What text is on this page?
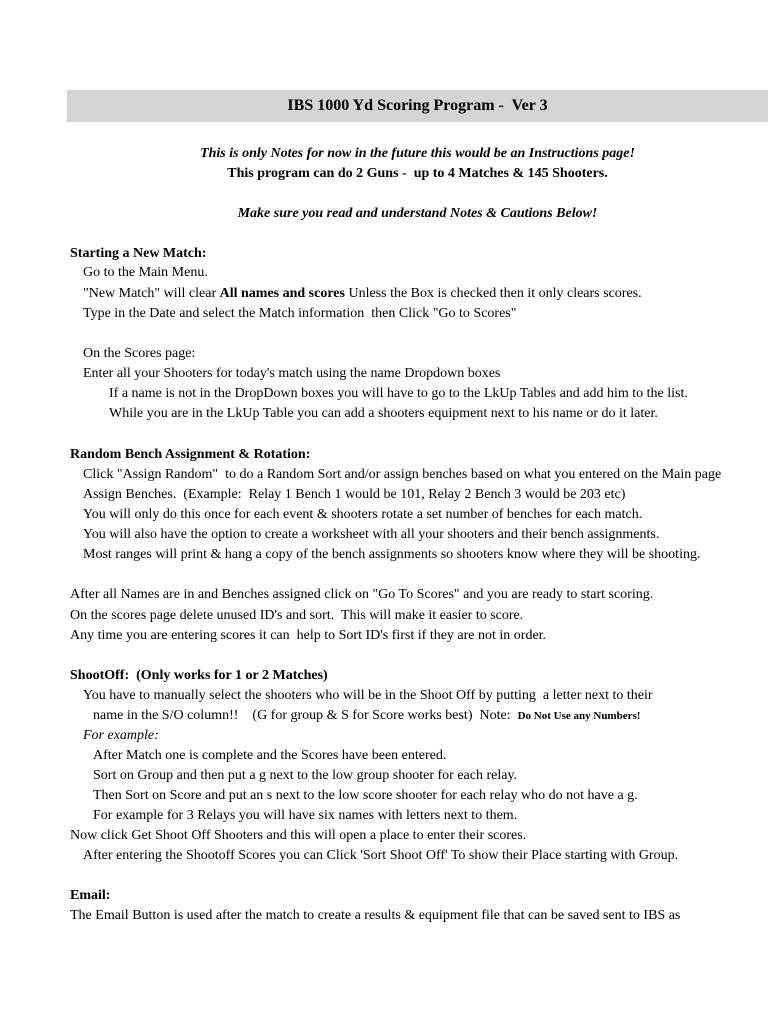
IBS 1000 Yd Scoring Program -  Ver 3
This is only Notes for now in the future this would be an Instructions page!
This program can do 2 Guns -  up to 4 Matches & 145 Shooters.
Make sure you read and understand Notes & Cautions Below!
Starting a New Match:
Go to the Main Menu.
"New Match" will clear All names and scores Unless the Box is checked then it only clears scores.
Type in the Date and select the Match information  then Click "Go to Scores"
On the Scores page:
Enter all your Shooters for today's match using the name Dropdown boxes
If a name is not in the DropDown boxes you will have to go to the LkUp Tables and add him to the list.
While you are in the LkUp Table you can add a shooters equipment next to his name or do it later.
Random Bench Assignment & Rotation:
Click "Assign Random"  to do a Random Sort and/or assign benches based on what you entered on the Main page
Assign Benches.  (Example:  Relay 1 Bench 1 would be 101, Relay 2 Bench 3 would be 203 etc)
You will only do this once for each event & shooters rotate a set number of benches for each match.
You will also have the option to create a worksheet with all your shooters and their bench assignments.
Most ranges will print & hang a copy of the bench assignments so shooters know where they will be shooting.
After all Names are in and Benches assigned click on "Go To Scores" and you are ready to start scoring.
On the scores page delete unused ID's and sort.  This will make it easier to score.
Any time you are entering scores it can  help to Sort ID's first if they are not in order.
ShootOff:  (Only works for 1 or 2 Matches)
You have to manually select the shooters who will be in the Shoot Off by putting  a letter next to their
name in the S/O column!!    (G for group & S for Score works best)  Note:  Do Not Use any Numbers!
For example:
After Match one is complete and the Scores have been entered.
Sort on Group and then put a g next to the low group shooter for each relay.
Then Sort on Score and put an s next to the low score shooter for each relay who do not have a g.
For example for 3 Relays you will have six names with letters next to them.
Now click Get Shoot Off Shooters and this will open a place to enter their scores.
After entering the Shootoff Scores you can Click 'Sort Shoot Off' To show their Place starting with Group.
Email:
The Email Button is used after the match to create a results & equipment file that can be saved sent to IBS as
